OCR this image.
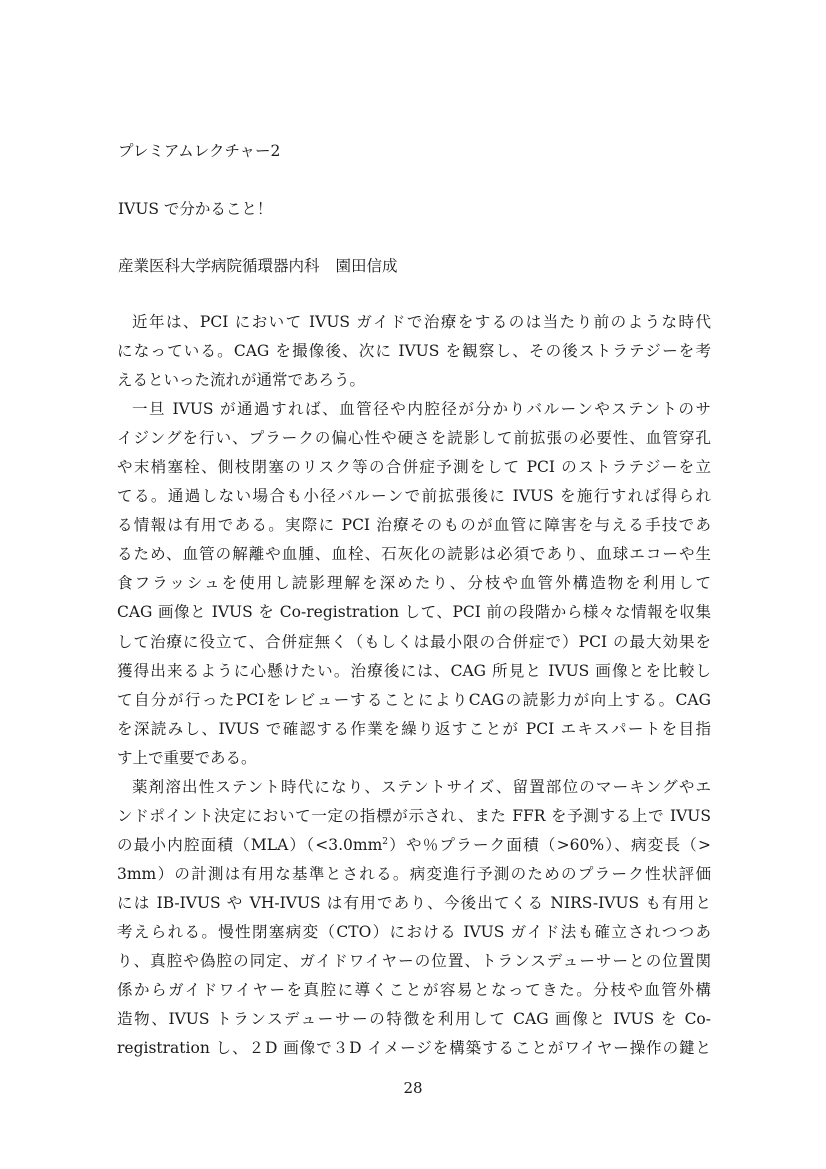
プレミアムレクチャー2
IVUS で分かること！
産業医科大学病院循環器内科 園田信成
近年は、PCI において IVUS ガイドで治療をするのは当たり前のような時代
になっている。CAG を撮像後、次に IVUS を観察し、その後ストラテジーを考
えるといった流れが通常であろう。
一旦 IVUS が通過すれば、血管径や内腔径が分かりバルーンやステントのサ
イジングを行い、プラークの偏心性や硬さを読影して前拡張の必要性、血管穿孔
や末梢塞栓、側枝閉塞のリスク等の合併症予測をして PCI のストラテジーを立
てる。通過しない場合も小径バルーンで前拡張後に IVUS を施行すれば得られ
る情報は有用である。実際に PCI 治療そのものが血管に障害を与える手技であ
るため、血管の解離や血腫、血栓、石灰化の読影は必須であり、血球エコーや生
食フラッシュを使用し読影理解を深めたり、分枝や血管外構造物を利用して
CAG 画像と IVUS を Co-registration して、PCI 前の段階から様々な情報を収集
して治療に役立て、合併症無く（もしくは最小限の合併症で）PCI の最大効果を
獲得出来るように心懸けたい。治療後には、CAG 所見と IVUS 画像とを比較し
て自分が行ったPCIをレビューすることによりCAGの読影力が向上する。CAG
を深読みし、IVUS で確認する作業を繰り返すことが PCI エキスパートを目指
す上で重要である。
薬剤溶出性ステント時代になり、ステントサイズ、留置部位のマーキングやエ
ンドポイント決定において一定の指標が示され、また FFR を予測する上で IVUS
の最小内腔面積$(MLA)(<3.0mm^2)$や％プラーク面積（>60%）、病変長（>
3mm）の計測は有用な基準とされる。病変進行予測のためのプラーク性状評価
には IB-IVUS や VH-IVUS は有用であり、今後出てくる NIRS-IVUS も有用と
考えられる。慢性閉塞病変（CTO）における IVUS ガイド法も確立されつつあ
り、真腔や偽腔の同定、ガイドワイヤーの位置、トランスデューサーとの位置関
係からガイドワイヤーを真腔に導くことが容易となってきた。分枝や血管外構
造物、IVUS トランスデューサーの特徴を利用して CAG 画像と IVUS を Co-
registration し、２D 画像で３D イメージを構築することがワイヤー操作の鍵と
28
